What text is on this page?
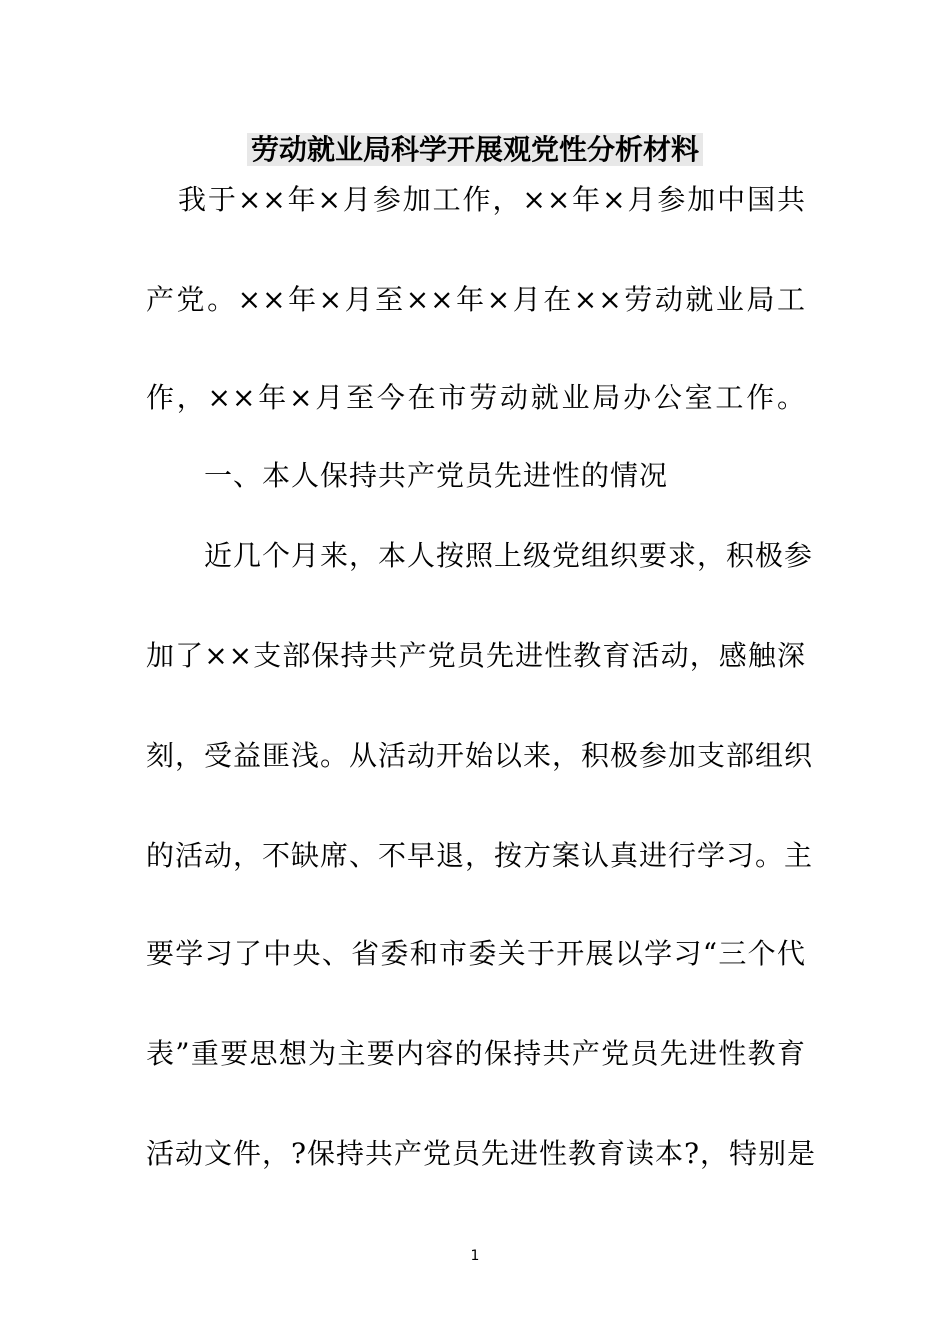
劳动就业局科学开展观党性分析材料
我于××年×月参加工作，××年×月参加中国共
产党。××年×月至××年×月在××劳动就业局工
作，××年×月至今在市劳动就业局办公室工作。
一、本人保持共产党员先进性的情况
近几个月来，本人按照上级党组织要求，积极参
加了××支部保持共产党员先进性教育活动，感触深
刻，受益匪浅。从活动开始以来，积极参加支部组织
的活动，不缺席、不早退，按方案认真进行学习。主
要学习了中央、省委和市委关于开展以学习“三个代
表”重要思想为主要内容的保持共产党员先进性教育
活动文件，?保持共产党员先进性教育读本?，特别是
1
